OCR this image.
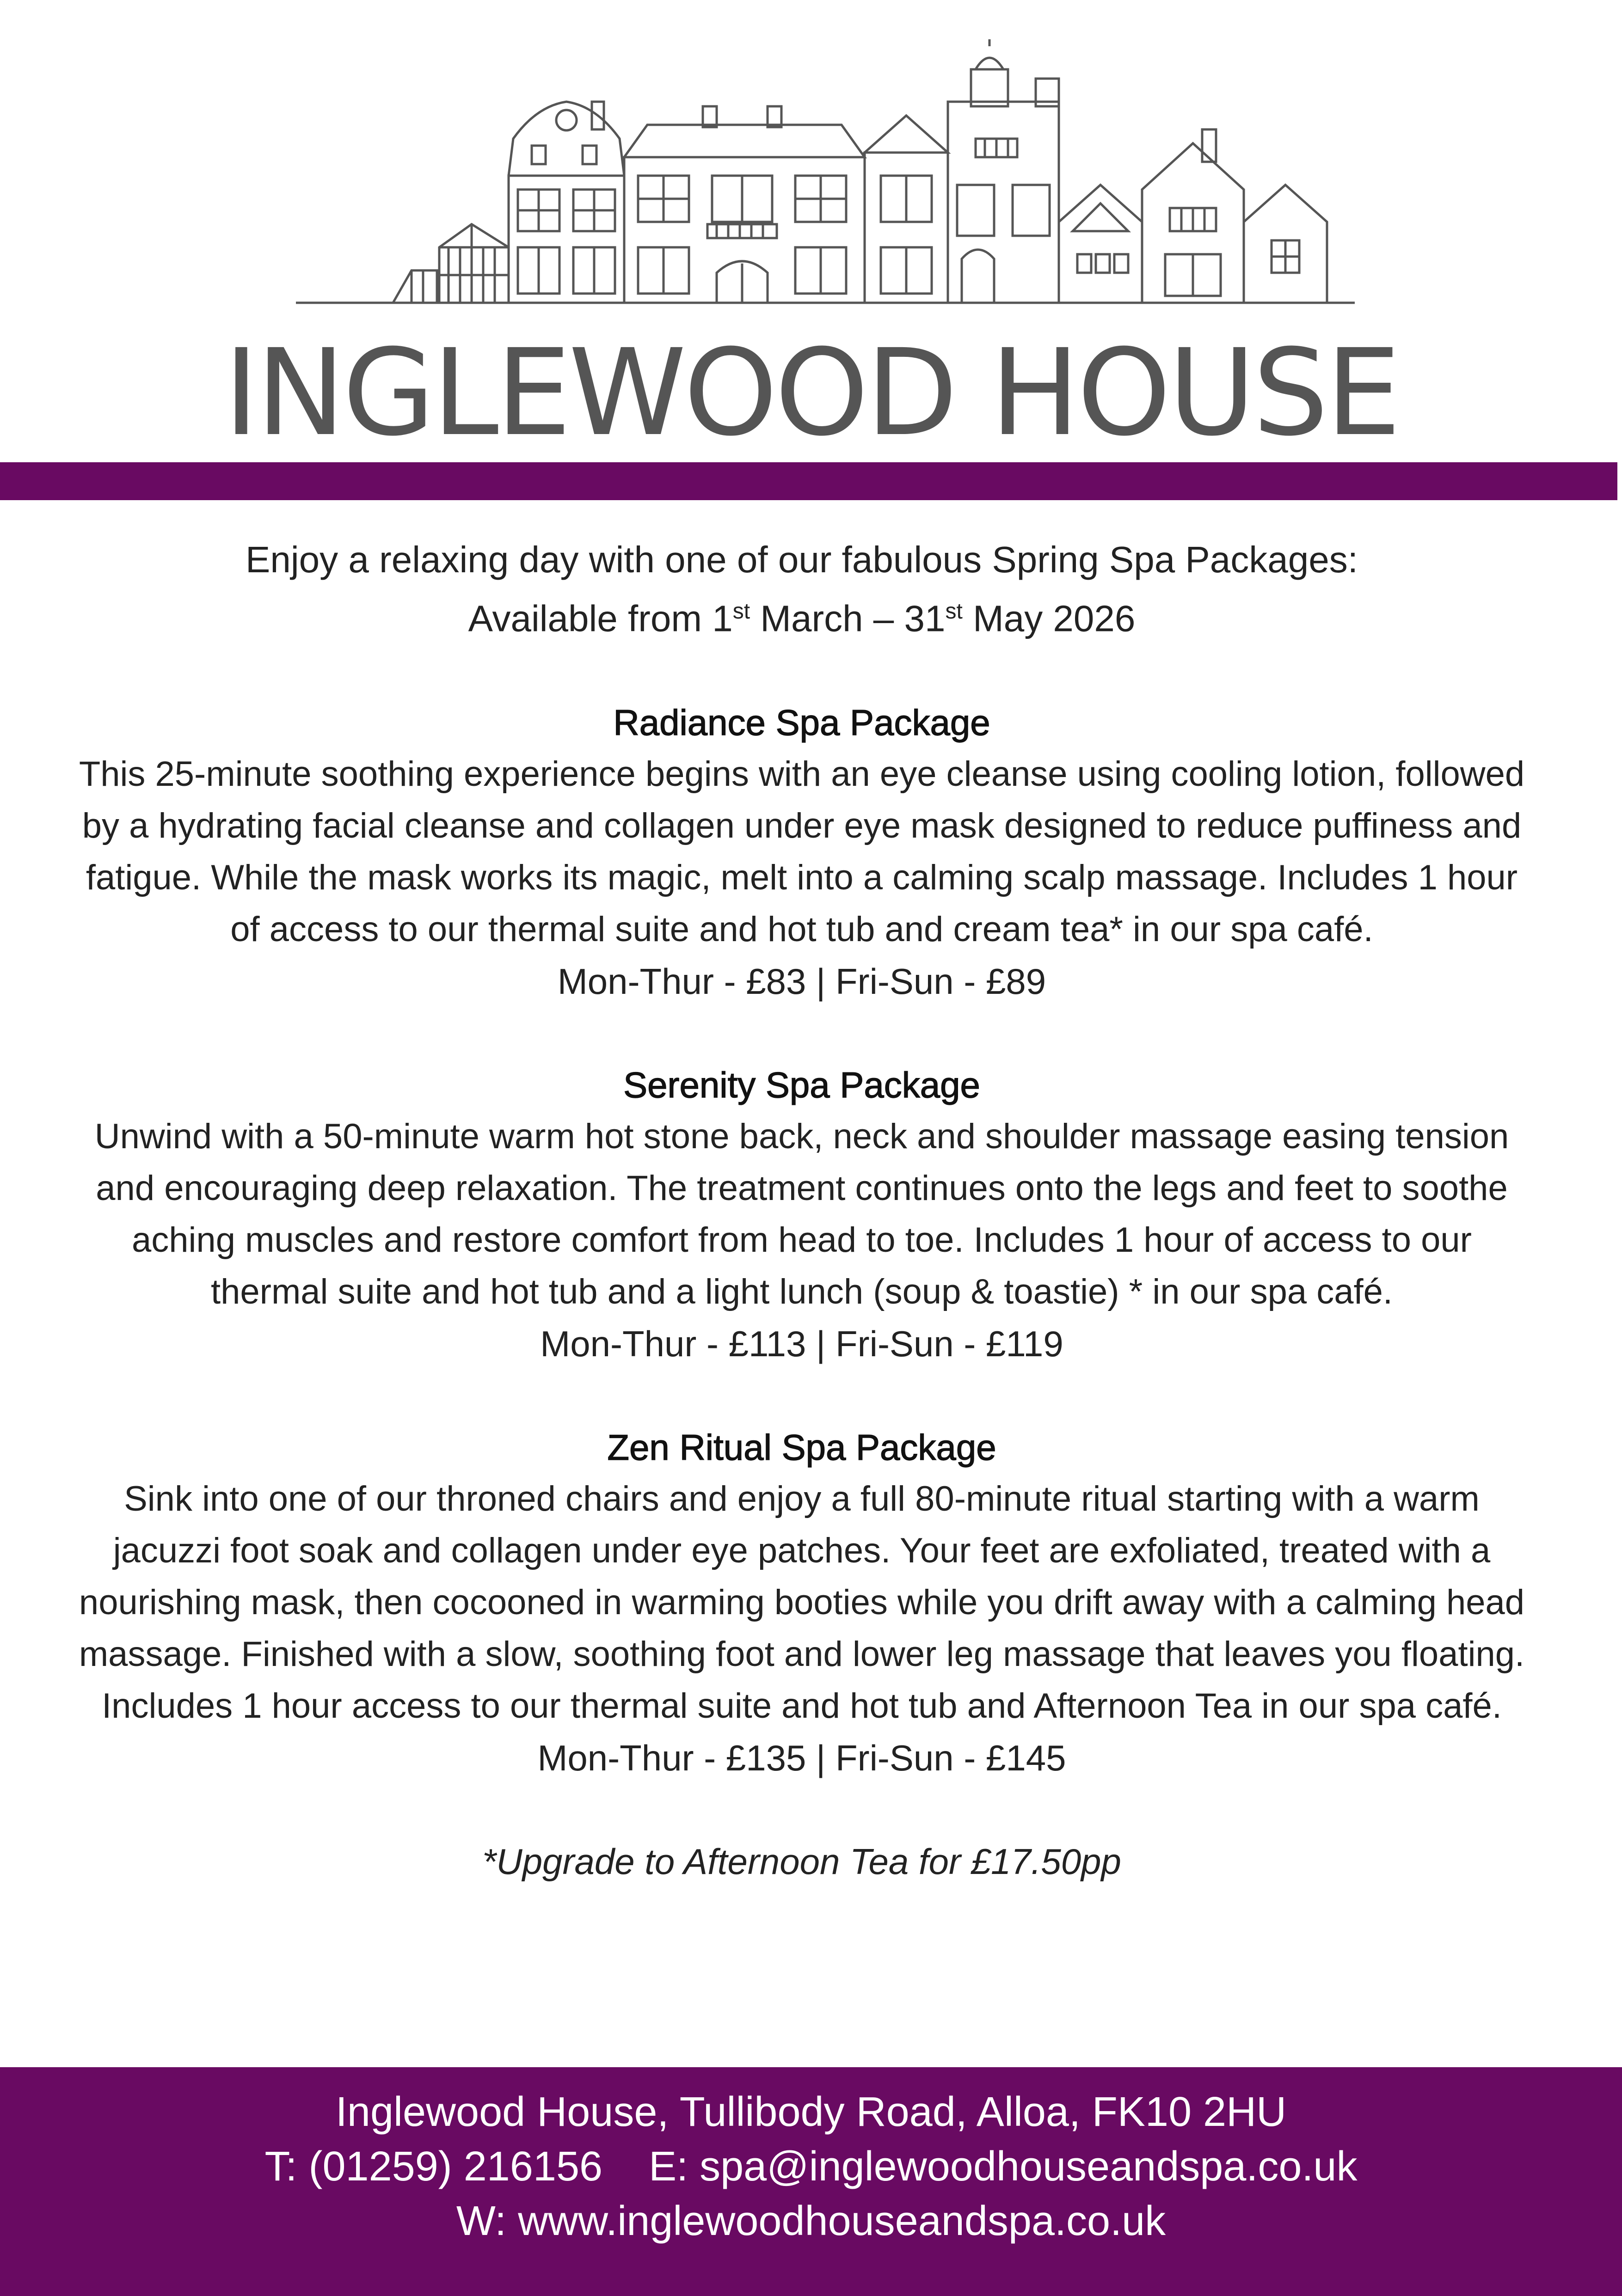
INGLEWOOD HOUSE

Enjoy a relaxing day with one of our fabulous Spring Spa Packages:

Available from 1st March – 31st May 2026

Radiance Spa Package

This 25-minute soothing experience begins with an eye cleanse using cooling lotion, followed by a hydrating facial cleanse and collagen under eye mask designed to reduce puffiness and fatigue. While the mask works its magic, melt into a calming scalp massage. Includes 1 hour of access to our thermal suite and hot tub and cream tea* in our spa café.

Mon-Thur - £83 | Fri-Sun - £89

Serenity Spa Package

Unwind with a 50-minute warm hot stone back, neck and shoulder massage easing tension and encouraging deep relaxation. The treatment continues onto the legs and feet to soothe aching muscles and restore comfort from head to toe. Includes 1 hour of access to our thermal suite and hot tub and a light lunch (soup & toastie) * in our spa café.

Mon-Thur - £113 | Fri-Sun - £119

Zen Ritual Spa Package

Sink into one of our throned chairs and enjoy a full 80-minute ritual starting with a warm jacuzzi foot soak and collagen under eye patches. Your feet are exfoliated, treated with a nourishing mask, then cocooned in warming booties while you drift away with a calming head massage. Finished with a slow, soothing foot and lower leg massage that leaves you floating. Includes 1 hour access to our thermal suite and hot tub and Afternoon Tea in our spa café.

Mon-Thur - £135 | Fri-Sun - £145

*Upgrade to Afternoon Tea for £17.50pp

Inglewood House, Tullibody Road, Alloa, FK10 2HU

T: (01259) 216156 E: spa@inglewoodhouseandspa.co.uk

W: www.inglewoodhouseandspa.co.uk
